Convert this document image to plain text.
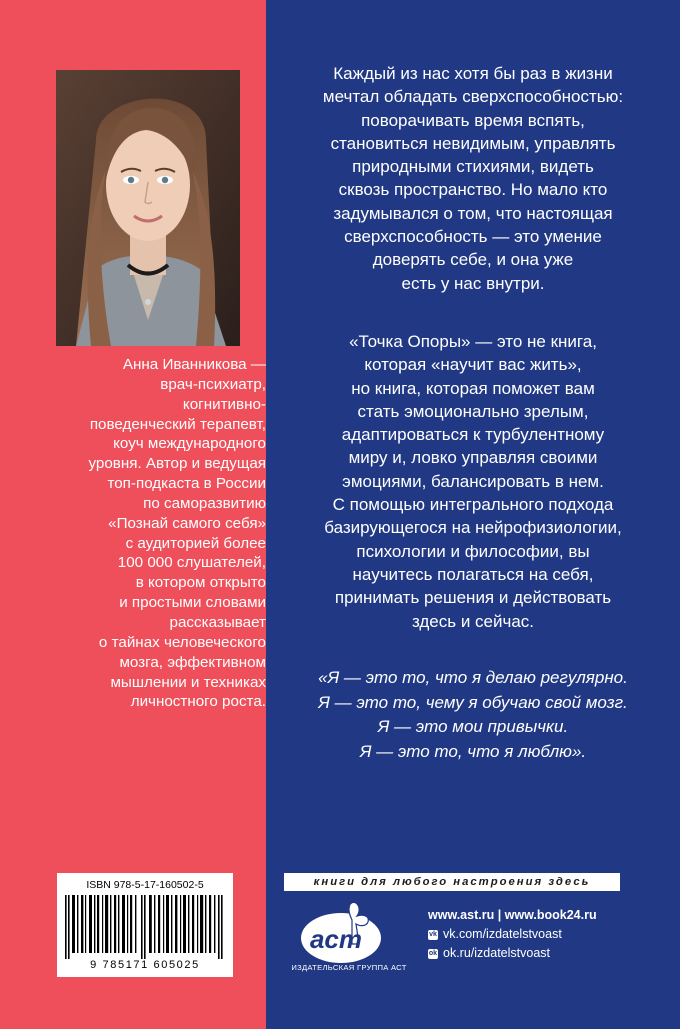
Анна Иванникова —
врач-психиатр,
когнитивно-
поведенческий терапевт,
коуч международного
уровня. Автор и ведущая
топ-подкаста в России
по саморазвитию
«Познай самого себя»
с аудиторией более
100 000 слушателей,
в котором открыто
и простыми словами
рассказывает
о тайнах человеческого
мозга, эффективном
мышлении и техниках
личностного роста.

Каждый из нас хотя бы раз в жизни
мечтал обладать сверхспособностью:
поворачивать время вспять,
становиться невидимым, управлять
природными стихиями, видеть
сквозь пространство. Но мало кто
задумывался о том, что настоящая
сверхспособность — это умение
доверять себе, и она уже
есть у нас внутри.

«Точка Опоры» — это не книга,
которая «научит вас жить»,
но книга, которая поможет вам
стать эмоционально зрелым,
адаптироваться к турбулентному
миру и, ловко управляя своими
эмоциями, балансировать в нем.
С помощью интегрального подхода
базирующегося на нейрофизиологии,
психологии и философии, вы
научитесь полагаться на себя,
принимать решения и действовать
здесь и сейчас.

«Я — это то, что я делаю регулярно.
Я — это то, чему я обучаю свой мозг.
Я — это мои привычки.
Я — это то, что я люблю».

книги для любого настроения здесь
ISBN 978-5-17-160502-5
9 785171 605025
аст
ИЗДАТЕЛЬСКАЯ ГРУППА АСТ
www.ast.ru | www.book24.ru
vk vk.com/izdatelstvoast
ok ok.ru/izdatelstvoast
